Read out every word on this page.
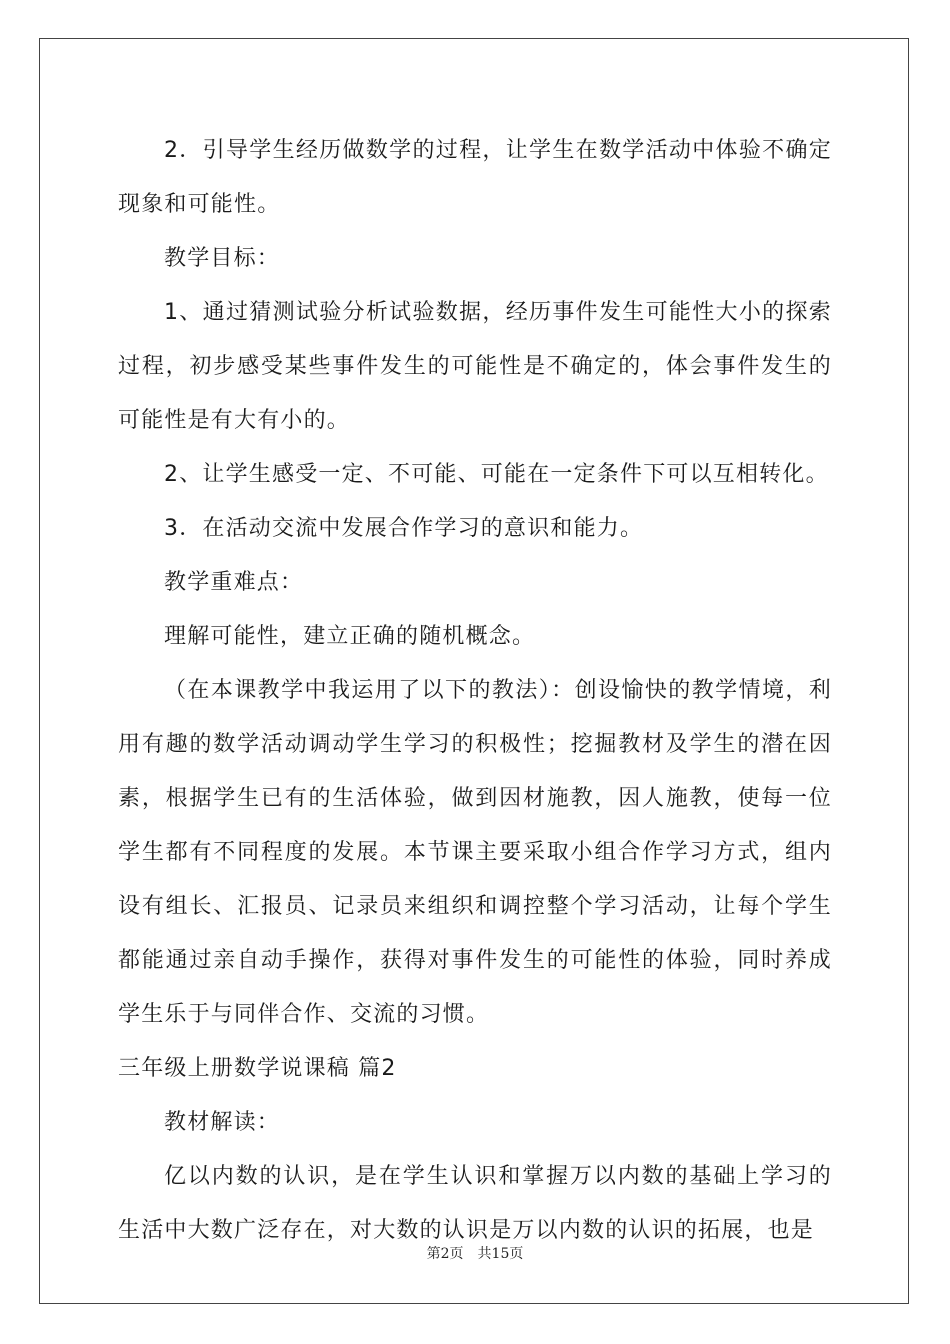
2．引导学生经历做数学的过程，让学生在数学活动中体验不确定现象和可能性。

教学目标：

1、通过猜测试验分析试验数据，经历事件发生可能性大小的探索过程，初步感受某些事件发生的可能性是不确定的，体会事件发生的可能性是有大有小的。

2、让学生感受一定、不可能、可能在一定条件下可以互相转化。

3．在活动交流中发展合作学习的意识和能力。

教学重难点：

理解可能性，建立正确的随机概念。

（在本课教学中我运用了以下的教法）：创设愉快的教学情境，利用有趣的数学活动调动学生学习的积极性；挖掘教材及学生的潜在因素，根据学生已有的生活体验，做到因材施教，因人施教，使每一位学生都有不同程度的发展。本节课主要采取小组合作学习方式，组内设有组长、汇报员、记录员来组织和调控整个学习活动，让每个学生都能通过亲自动手操作，获得对事件发生的可能性的体验，同时养成学生乐于与同伴合作、交流的习惯。

三年级上册数学说课稿 篇2

教材解读：

亿以内数的认识，是在学生认识和掌握万以内数的基础上学习的生活中大数广泛存在，对大数的认识是万以内数的认识的拓展，也是

第2页　共15页
